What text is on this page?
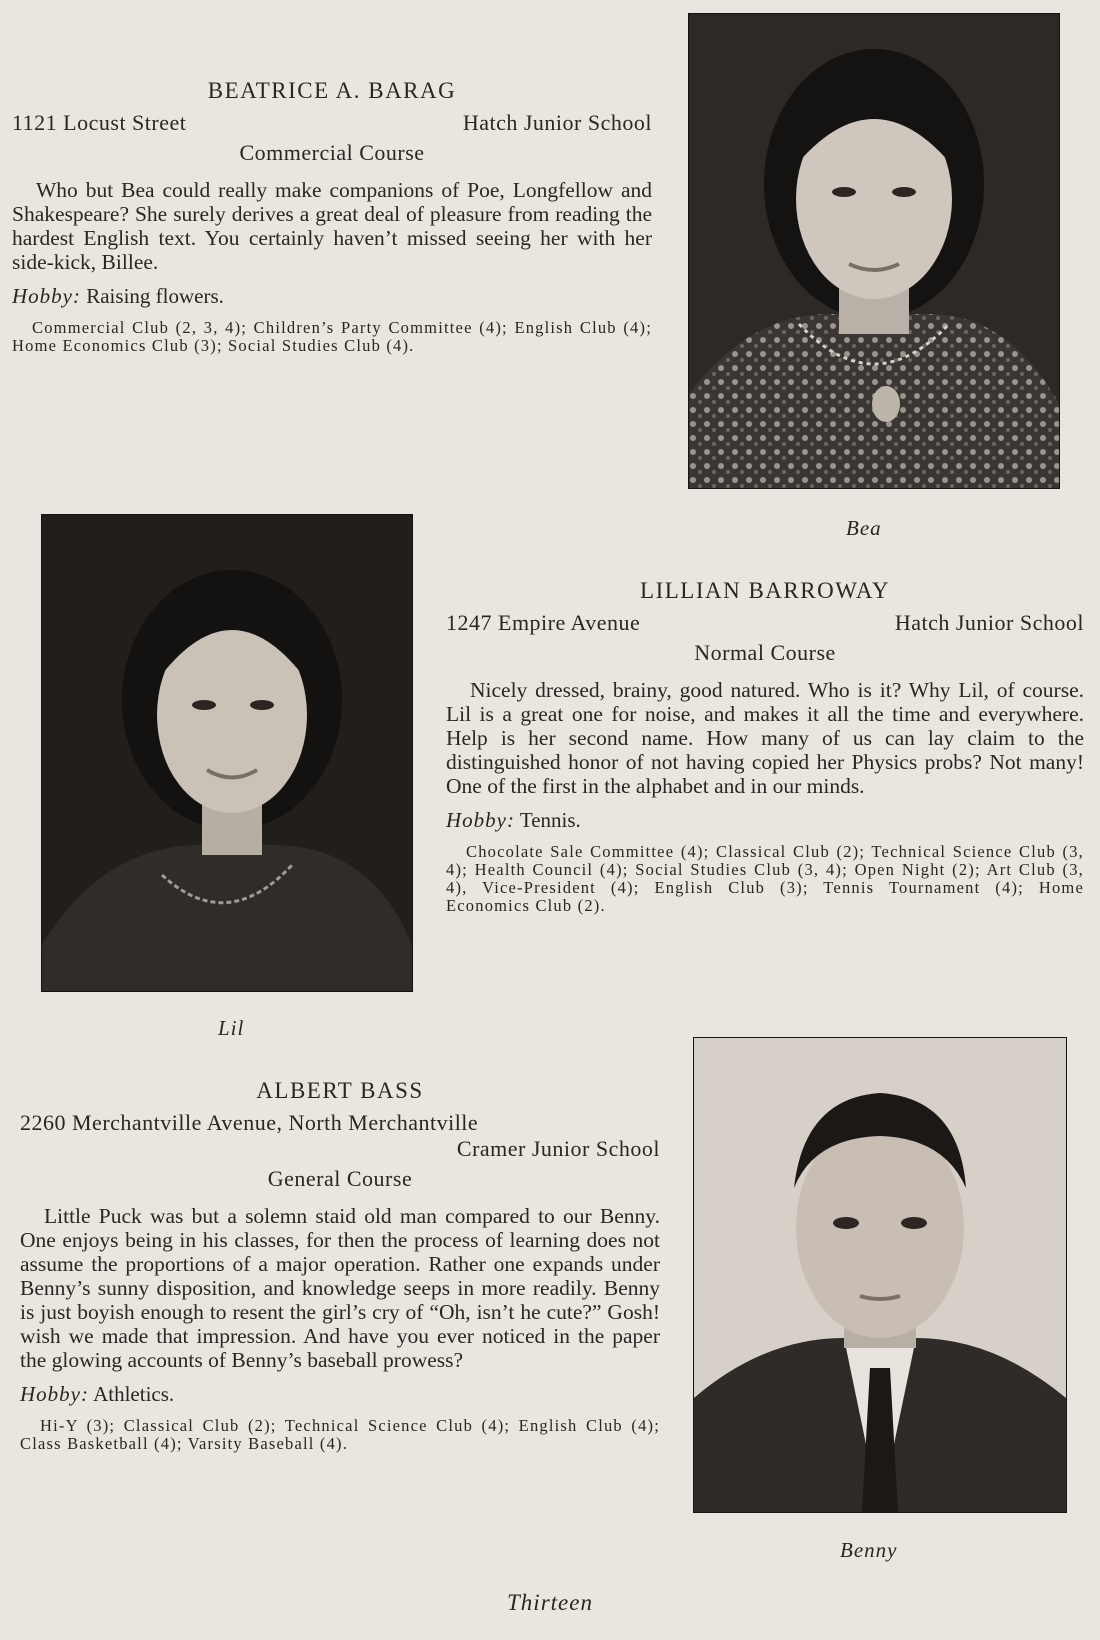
BEATRICE A. BARAG
1121 Locust Street	Hatch Junior School
Commercial Course

Who but Bea could really make companions of Poe, Longfellow and Shakespeare? She surely derives a great deal of pleasure from reading the hardest English text. You certainly haven’t missed seeing her with her side-kick, Billee.

Hobby: Raising flowers.
Commercial Club (2, 3, 4); Children’s Party Committee (4); English Club (4); Home Economics Club (3); Social Studies Club (4).
Bea
Lil
LILLIAN BARROWAY
1247 Empire Avenue	Hatch Junior School
Normal Course

Nicely dressed, brainy, good natured. Who is it? Why Lil, of course. Lil is a great one for noise, and makes it all the time and everywhere. Help is her second name. How many of us can lay claim to the distinguished honor of not having copied her Physics probs? Not many! One of the first in the alphabet and in our minds.

Hobby: Tennis.
Chocolate Sale Committee (4); Classical Club (2); Technical Science Club (3, 4); Health Council (4); Social Studies Club (3, 4); Open Night (2); Art Club (3, 4), Vice-President (4); English Club (3); Tennis Tournament (4); Home Economics Club (2).
ALBERT BASS
2260 Merchantville Avenue, North Merchantville
Cramer Junior School
General Course

Little Puck was but a solemn staid old man compared to our Benny. One enjoys being in his classes, for then the process of learning does not assume the proportions of a major operation. Rather one expands under Benny’s sunny disposition, and knowledge seeps in more readily. Benny is just boyish enough to resent the girl’s cry of “Oh, isn’t he cute?” Gosh! wish we made that impression. And have you ever noticed in the paper the glowing accounts of Benny’s baseball prowess?

Hobby: Athletics.
Hi-Y (3); Classical Club (2); Technical Science Club (4); English Club (4); Class Basketball (4); Varsity Baseball (4).
Benny
Thirteen
